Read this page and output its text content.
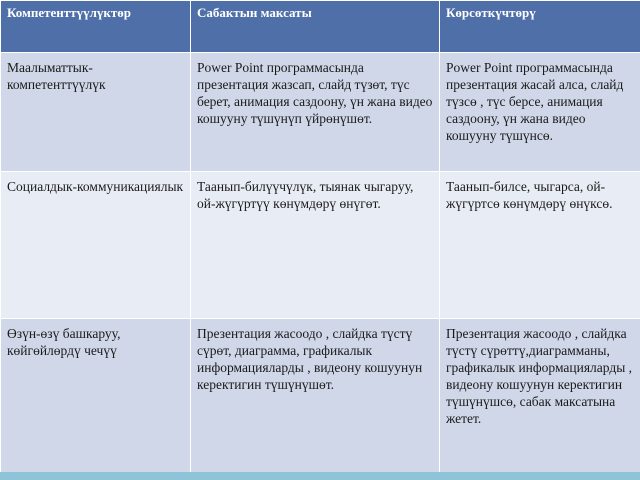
Компетенттүүлүктөр	Сабактын максаты	Көрсөткүчтөрү
Маалыматтык-компетенттүүлүк	Power Point программасында презентация жазсап, слайд түзөт, түс берет, анимация саздоону, үн жана видео кошууну түшүнүп үйрөнүшөт.	Power Point программасында презентация жасай алса, слайд түзсө , түс берсе, анимация саздоону, үн жана видео кошууну түшүнсө.
Социалдык-коммуникациялык	Таанып-билүүчүлүк, тыянак чыгаруу, ой-жүгүртүү көнүмдөрү өнүгөт.	Таанып-билсе, чыгарса, ой-жүгүртсө көнүмдөрү өнүксө.
Өзүн-өзү башкаруу, көйгөйлөрдү чечүү	Презентация жасоодо , слайдка түстү сүрөт, диаграмма, графикалык информацияларды , видеону кошуунун керектигин түшүнүшөт.	Презентация жасоодо , слайдка түстү сүрөттү,диаграмманы, графикалык информацияларды , видеону кошуунун керектигин түшүнүшсө, сабак максатына жетет.
